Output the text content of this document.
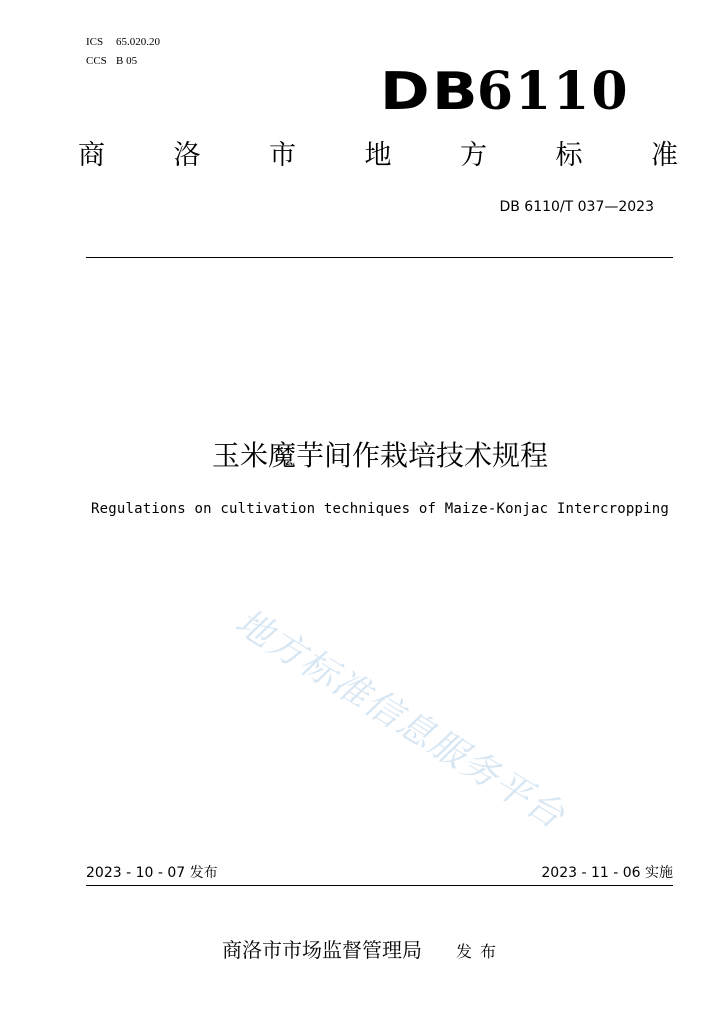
ICS 65.020.20
CCS B 05
DB6110
商	洛	市	地	方	标	准
DB 6110/T 037—2023
玉米魔芋间作栽培技术规程
Regulations on cultivation techniques of Maize-Konjac Intercropping
地方标准信息服务平台
2023 - 10 - 07 发布	2023 - 11 - 06 实施
商洛市市场监督管理局 发布
